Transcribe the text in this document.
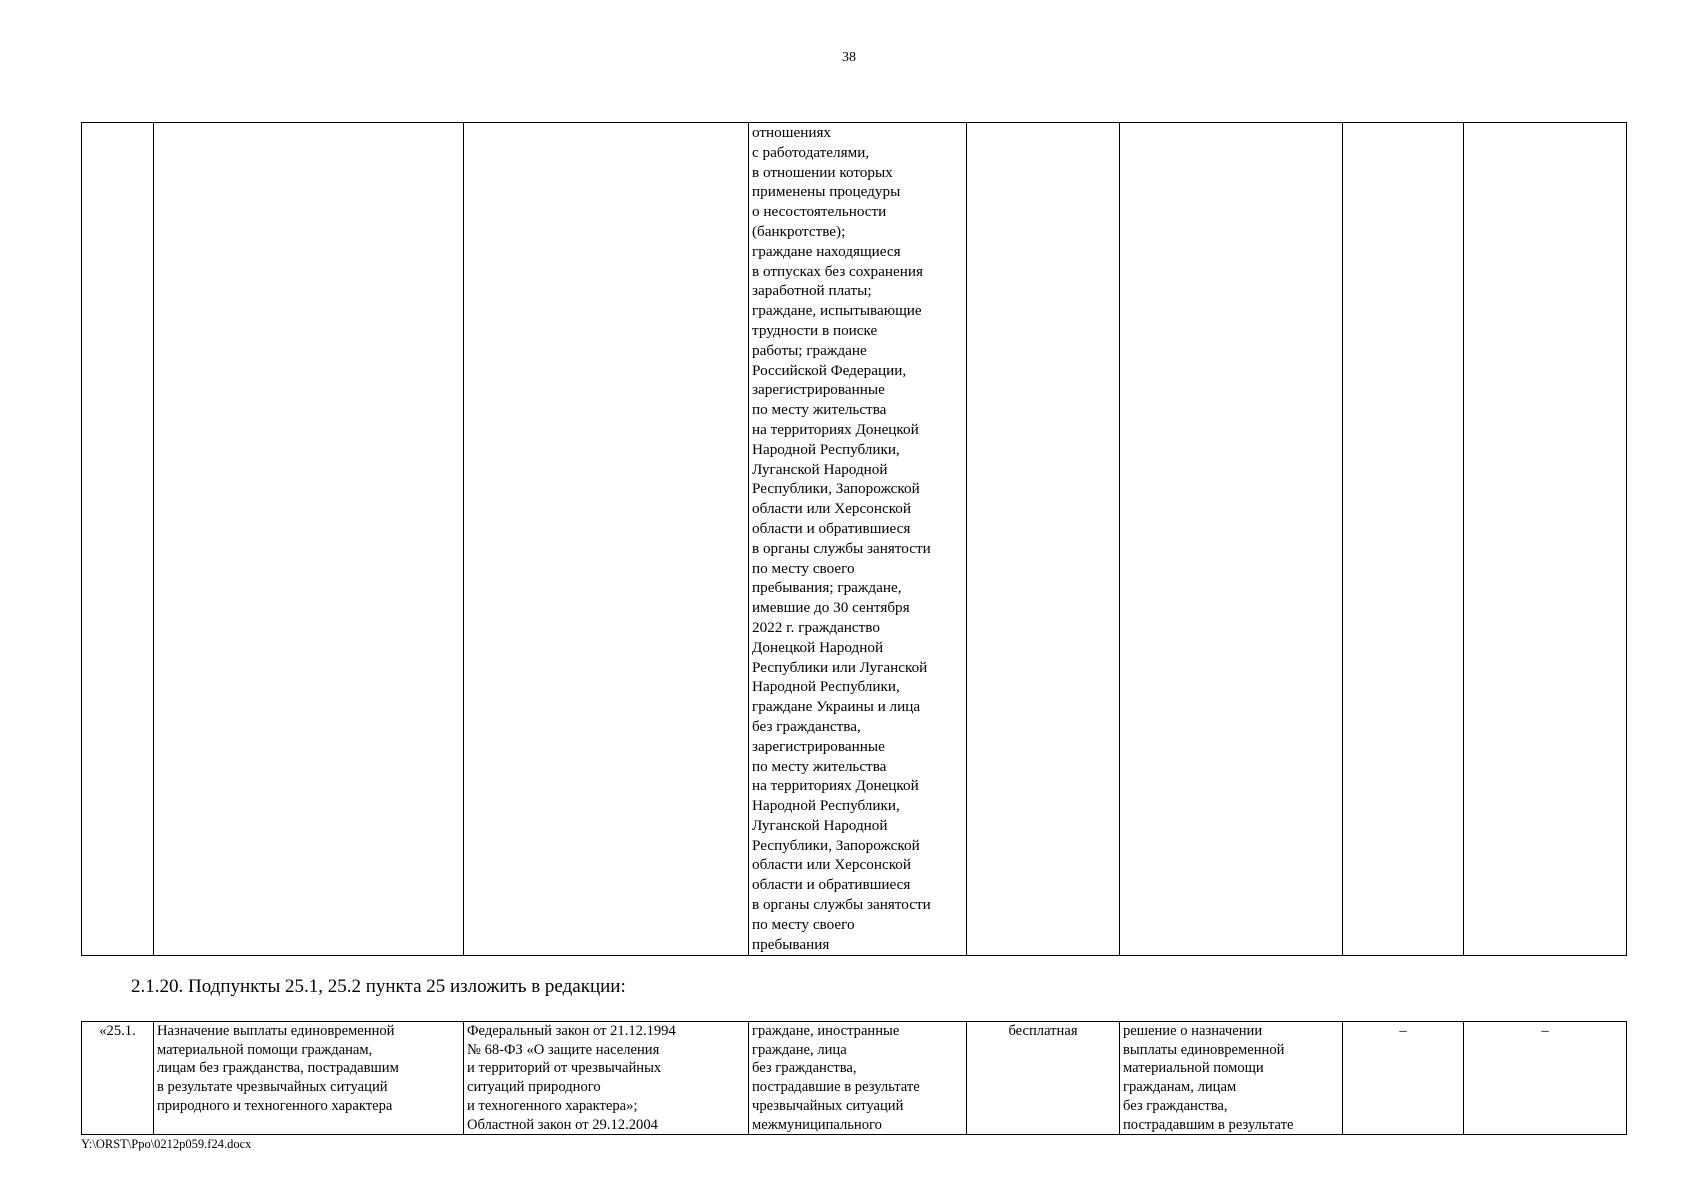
38
			отношениях
с работодателями,
в отношении которых
применены процедуры
о несостоятельности
(банкротстве);
граждане находящиеся
в отпусках без сохранения
заработной платы;
граждане, испытывающие
трудности в поиске
работы; граждане
Российской Федерации,
зарегистрированные
по месту жительства
на территориях Донецкой
Народной Республики,
Луганской Народной
Республики, Запорожской
области или Херсонской
области и обратившиеся
в органы службы занятости
по месту своего
пребывания; граждане,
имевшие до 30 сентября
2022 г. гражданство
Донецкой Народной
Республики или Луганской
Народной Республики,
граждане Украины и лица
без гражданства,
зарегистрированные
по месту жительства
на территориях Донецкой
Народной Республики,
Луганской Народной
Республики, Запорожской
области или Херсонской
области и обратившиеся
в органы службы занятости
по месту своего
пребывания				
2.1.20. Подпункты 25.1, 25.2 пункта 25 изложить в редакции:
«25.1.	Назначение выплаты единовременной
материальной помощи гражданам,
лицам без гражданства, пострадавшим
в результате чрезвычайных ситуаций
природного и техногенного характера	Федеральный закон от 21.12.1994
№ 68-ФЗ «О защите населения
и территорий от чрезвычайных
ситуаций природного
и техногенного характера»;
Областной закон от 29.12.2004	граждане, иностранные
граждане, лица
без гражданства,
пострадавшие в результате
чрезвычайных ситуаций
межмуниципального	бесплатная	решение о назначении
выплаты единовременной
материальной помощи
гражданам, лицам
без гражданства,
пострадавшим в результате	–	–
Y:\ORST\Ppo\0212p059.f24.docx
